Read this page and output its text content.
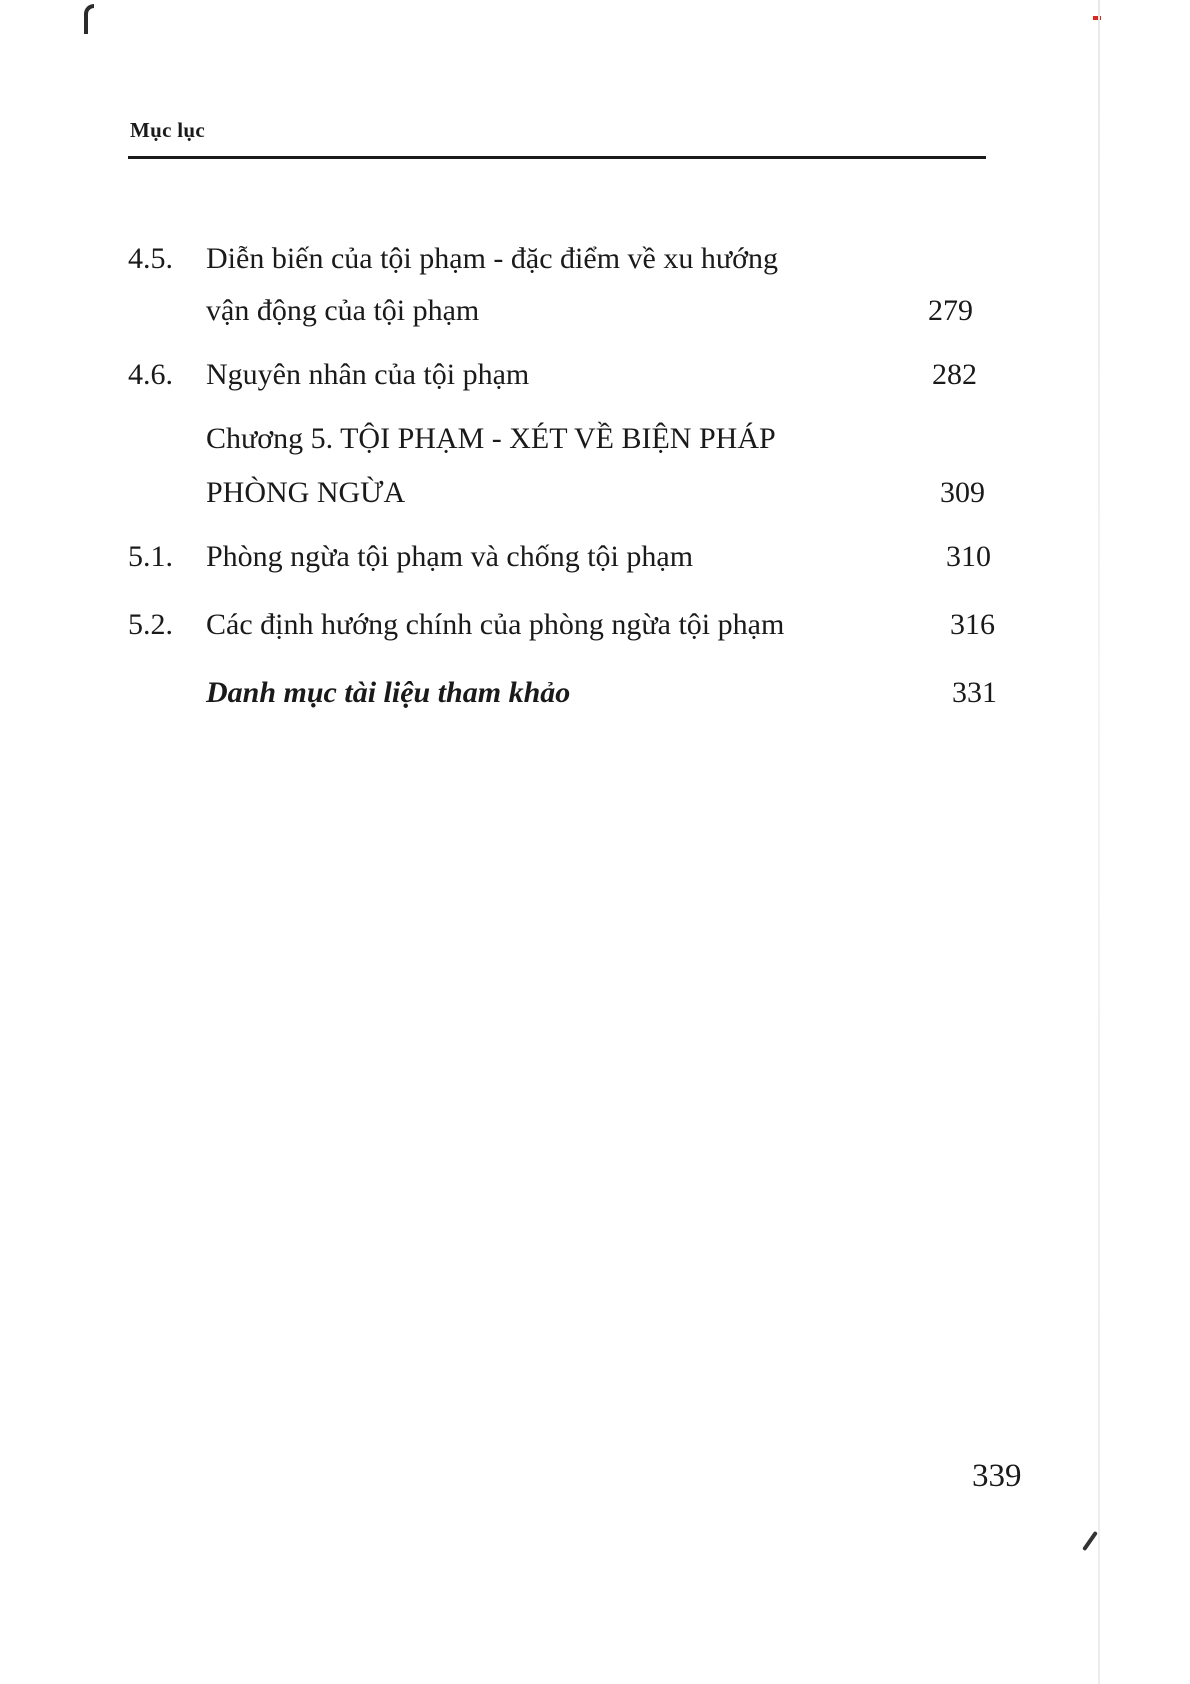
Mục lục
4.5. Diễn biến của tội phạm - đặc điểm về xu hướng
vận động của tội phạm	279
4.6. Nguyên nhân của tội phạm	282
Chương 5. TỘI PHẠM - XÉT VỀ BIỆN PHÁP
PHÒNG NGỪA	309
5.1. Phòng ngừa tội phạm và chống tội phạm	310
5.2. Các định hướng chính của phòng ngừa tội phạm	316
Danh mục tài liệu tham khảo	331
339
